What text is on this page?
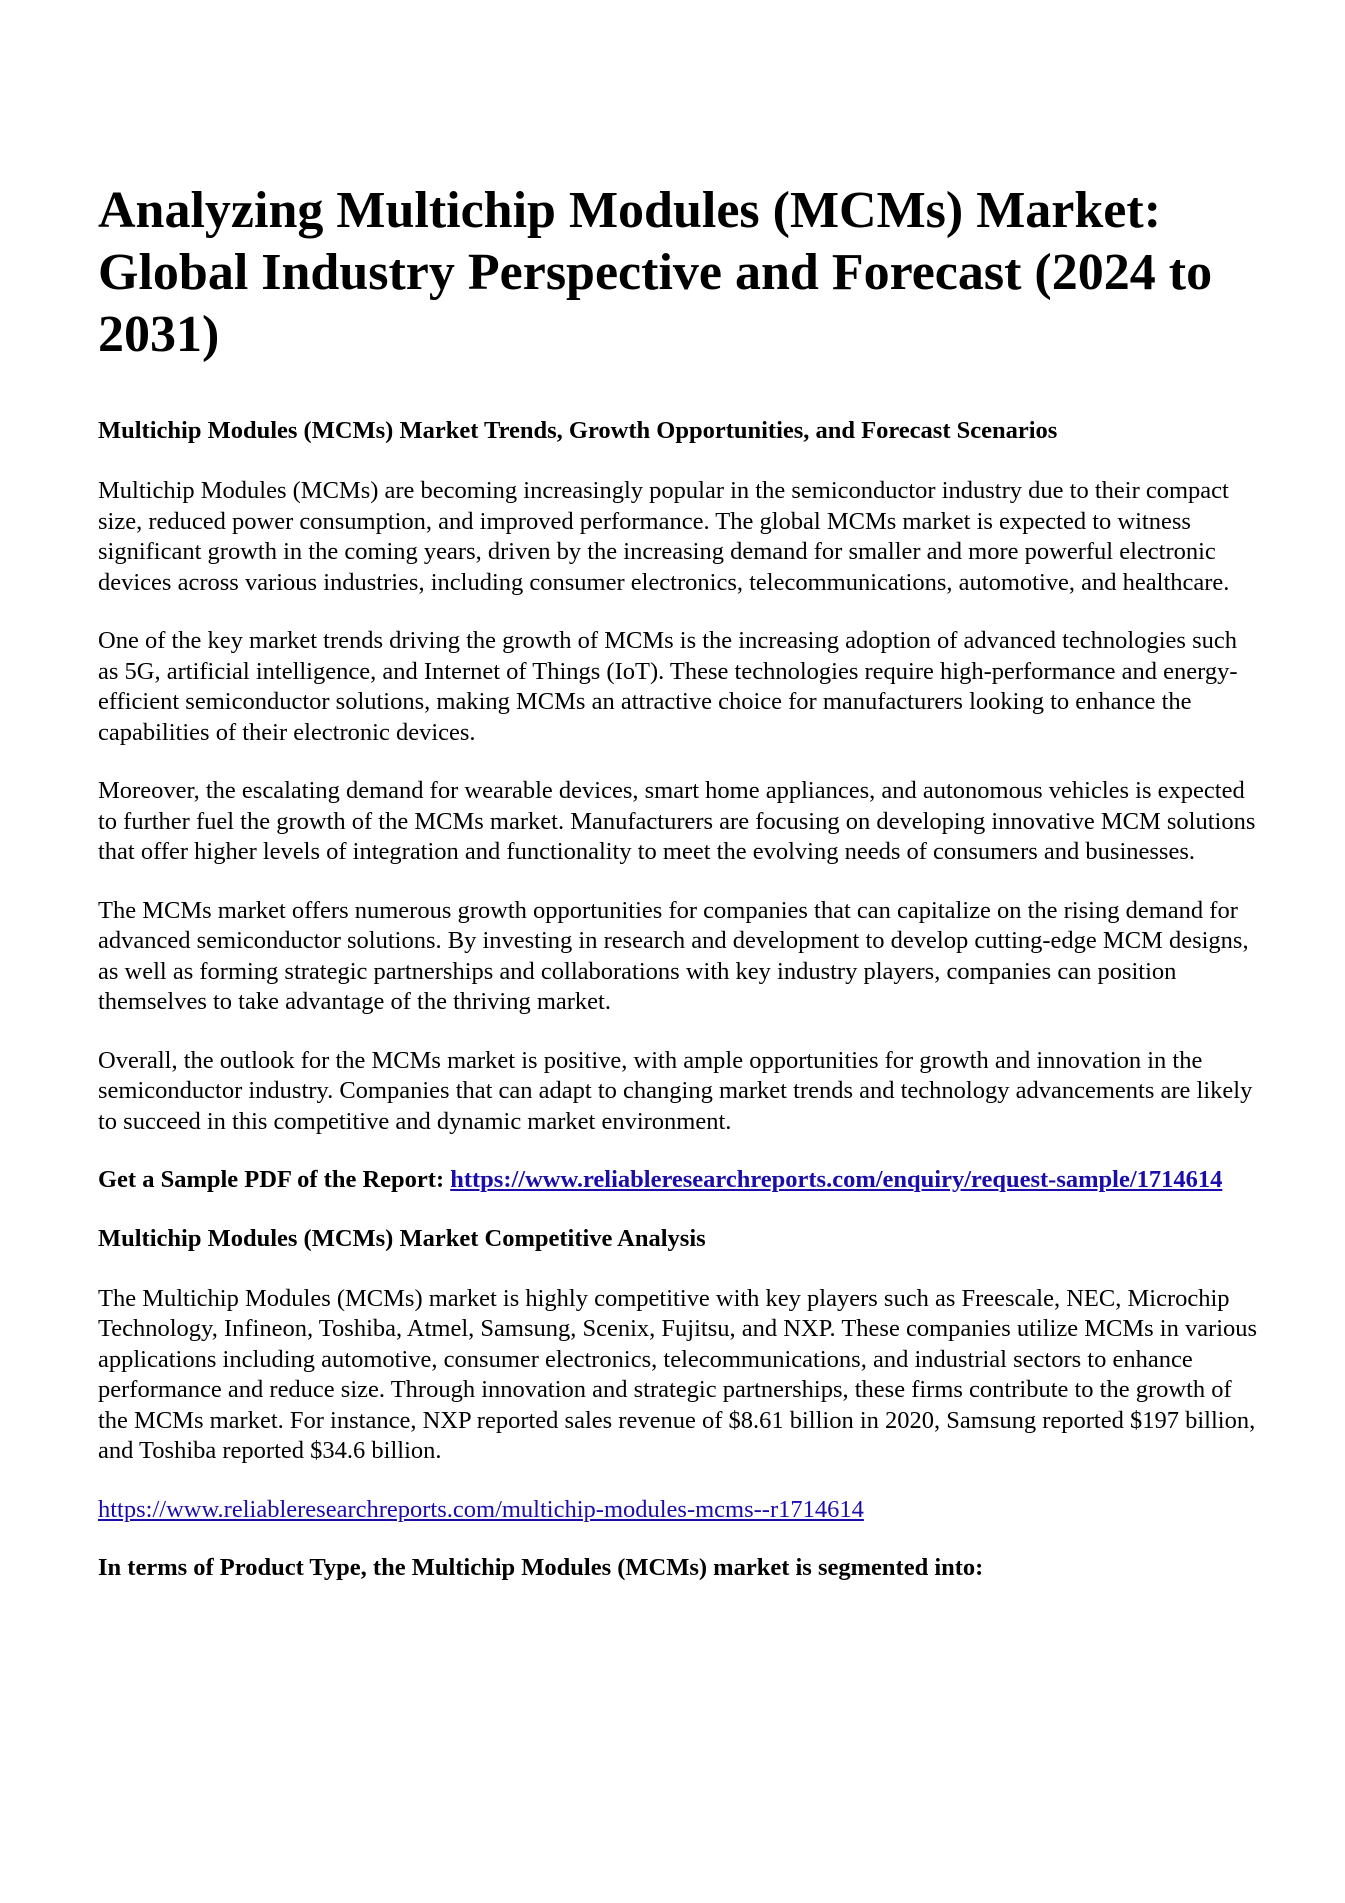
Analyzing Multichip Modules (MCMs) Market: Global Industry Perspective and Forecast (2024 to 2031)
Multichip Modules (MCMs) Market Trends, Growth Opportunities, and Forecast Scenarios

Multichip Modules (MCMs) are becoming increasingly popular in the semiconductor industry due to their compact size, reduced power consumption, and improved performance. The global MCMs market is expected to witness significant growth in the coming years, driven by the increasing demand for smaller and more powerful electronic devices across various industries, including consumer electronics, telecommunications, automotive, and healthcare.

One of the key market trends driving the growth of MCMs is the increasing adoption of advanced technologies such as 5G, artificial intelligence, and Internet of Things (IoT). These technologies require high-performance and energy-efficient semiconductor solutions, making MCMs an attractive choice for manufacturers looking to enhance the capabilities of their electronic devices.

Moreover, the escalating demand for wearable devices, smart home appliances, and autonomous vehicles is expected to further fuel the growth of the MCMs market. Manufacturers are focusing on developing innovative MCM solutions that offer higher levels of integration and functionality to meet the evolving needs of consumers and businesses.

The MCMs market offers numerous growth opportunities for companies that can capitalize on the rising demand for advanced semiconductor solutions. By investing in research and development to develop cutting-edge MCM designs, as well as forming strategic partnerships and collaborations with key industry players, companies can position themselves to take advantage of the thriving market.

Overall, the outlook for the MCMs market is positive, with ample opportunities for growth and innovation in the semiconductor industry. Companies that can adapt to changing market trends and technology advancements are likely to succeed in this competitive and dynamic market environment.

Get a Sample PDF of the Report: https://www.reliableresearchreports.com/enquiry/request-sample/1714614

Multichip Modules (MCMs) Market Competitive Analysis

The Multichip Modules (MCMs) market is highly competitive with key players such as Freescale, NEC, Microchip Technology, Infineon, Toshiba, Atmel, Samsung, Scenix, Fujitsu, and NXP. These companies utilize MCMs in various applications including automotive, consumer electronics, telecommunications, and industrial sectors to enhance performance and reduce size. Through innovation and strategic partnerships, these firms contribute to the growth of the MCMs market. For instance, NXP reported sales revenue of $8.61 billion in 2020, Samsung reported $197 billion, and Toshiba reported $34.6 billion.

https://www.reliableresearchreports.com/multichip-modules-mcms--r1714614

In terms of Product Type, the Multichip Modules (MCMs) market is segmented into:
